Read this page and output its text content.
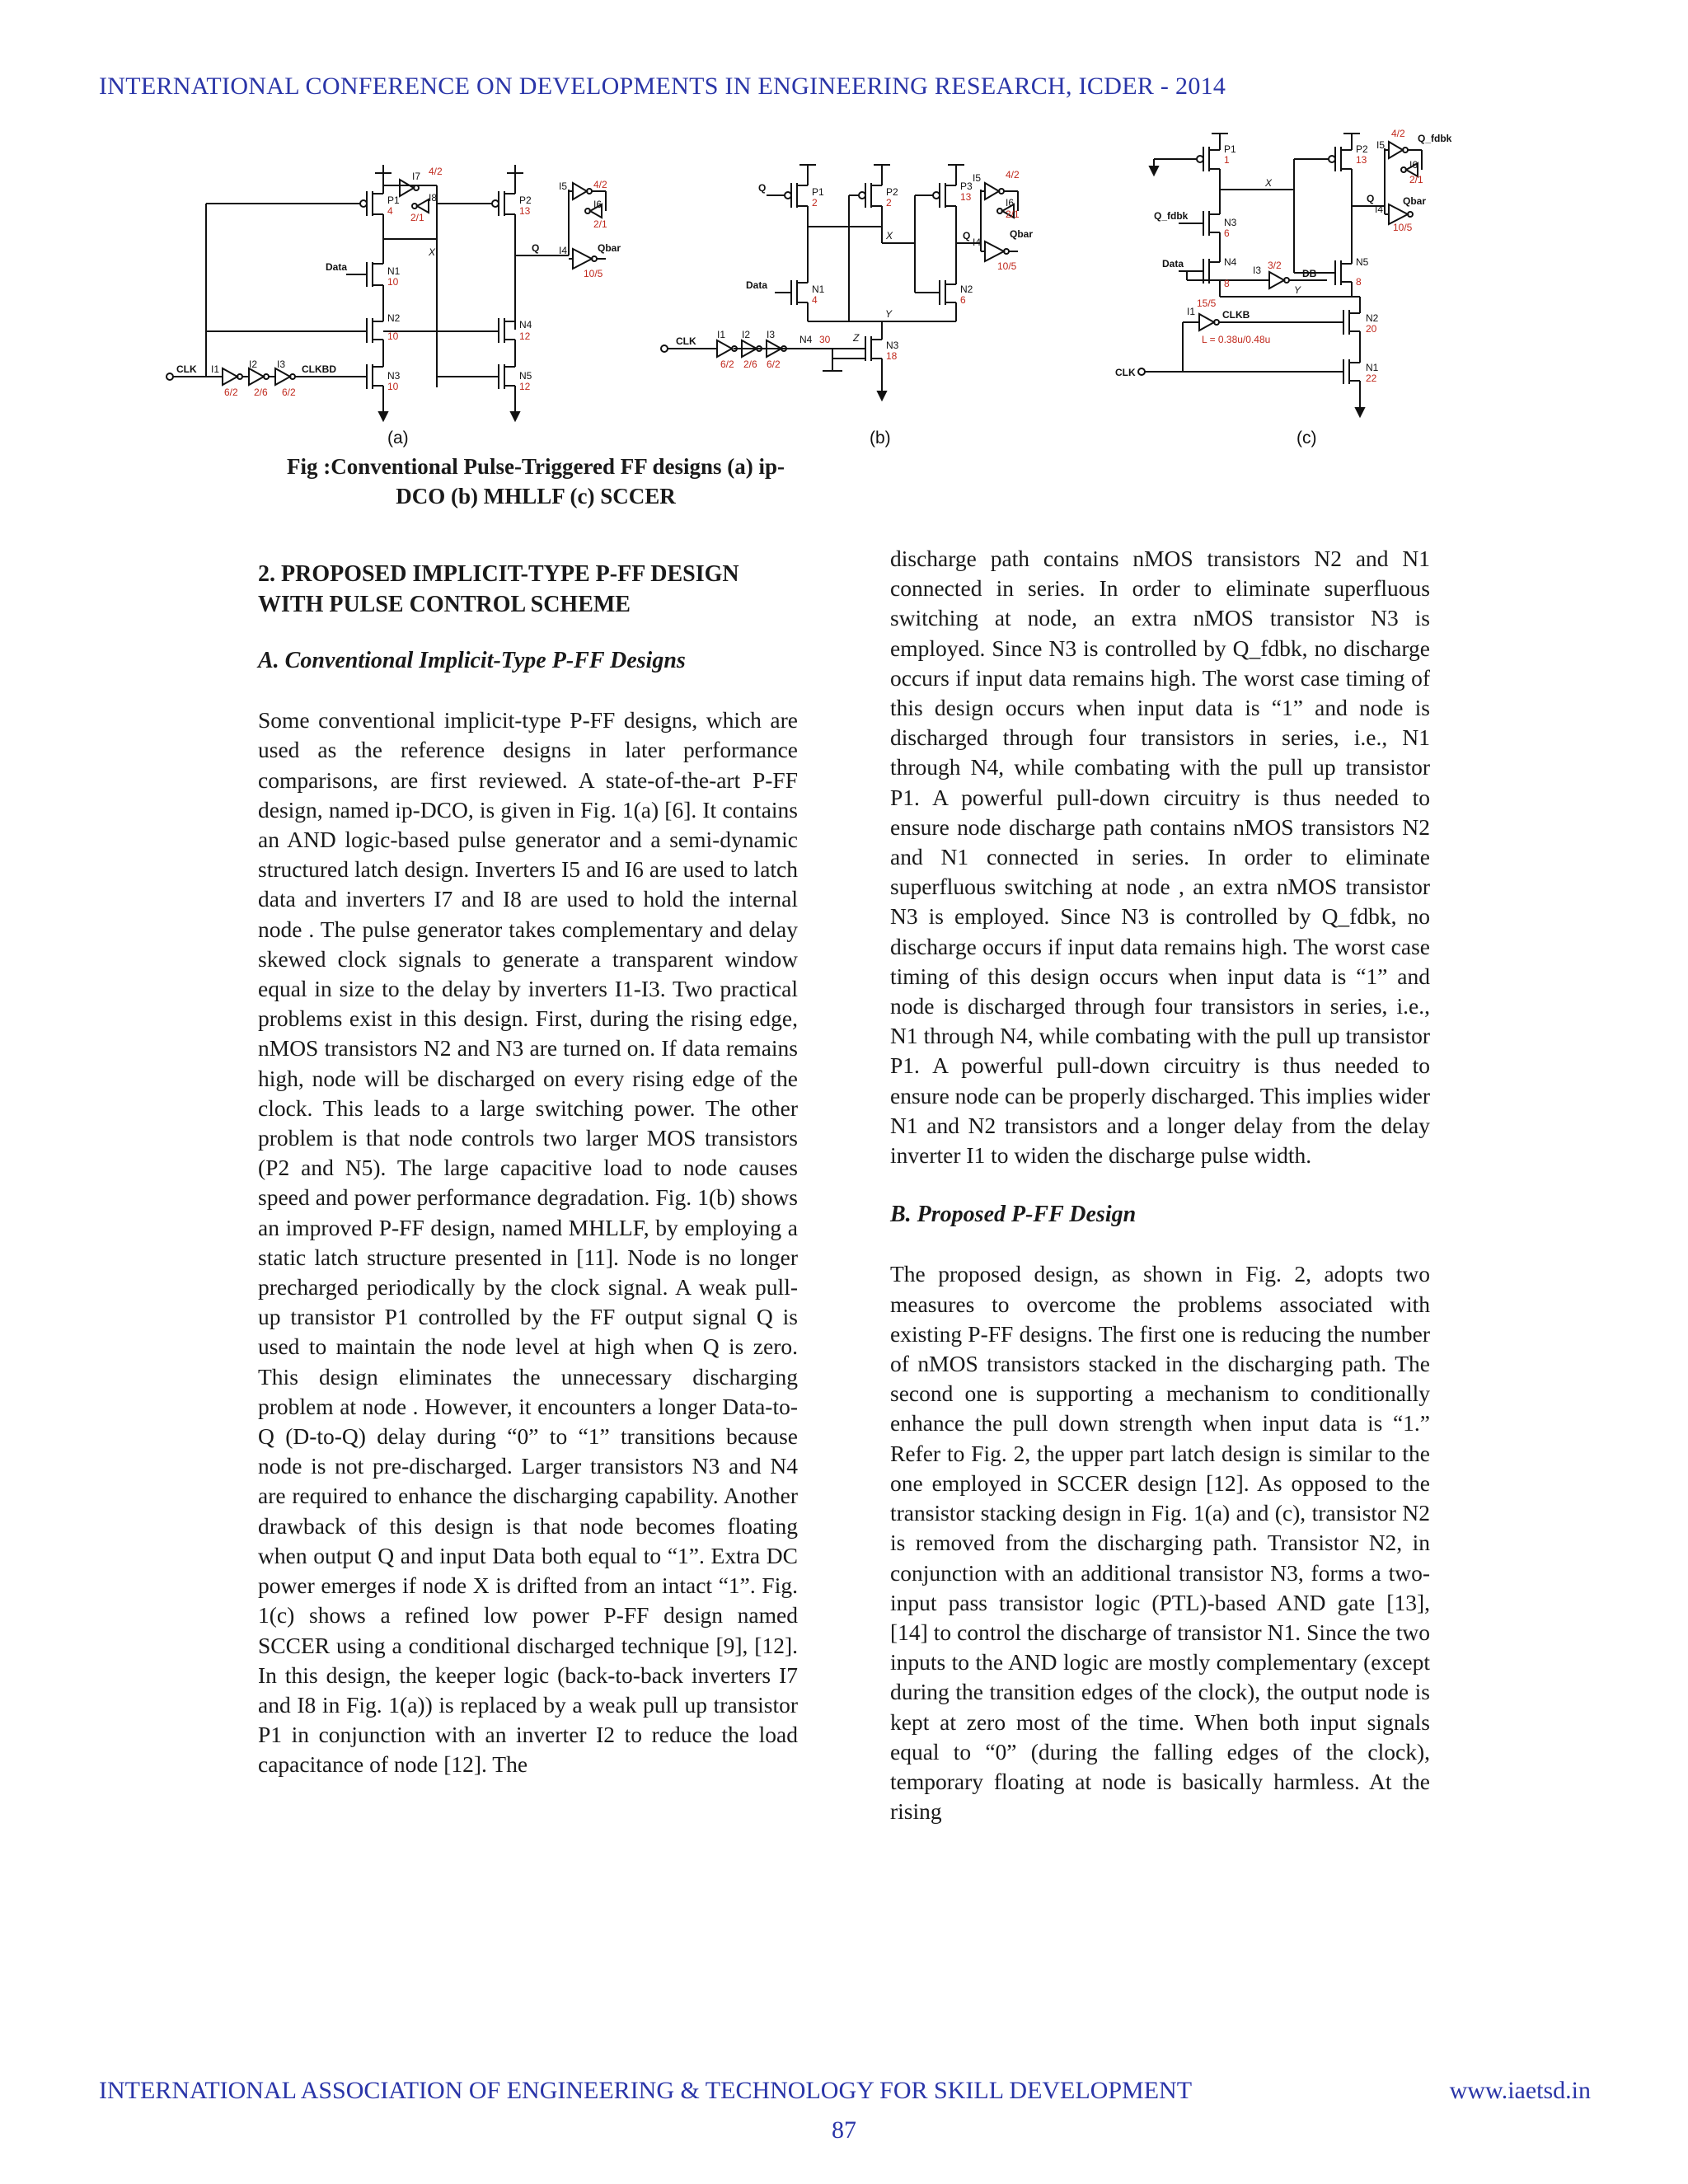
INTERNATIONAL CONFERENCE ON DEVELOPMENTS IN ENGINEERING RESEARCH, ICDER - 2014
P1
4
P2
13
N1
10
N2
10
N3
10
N4
12
N5
12
I7 4/2
I8
2/1
I5	4/2
I6
2/1
I4
10/5
Data
CLK	CLKBD
I1	I2 I3
6/2 2/6 6/2
Q	Qbar
X
P1
2
P2
2
P3
13
N1
4
N2
6
N3
18
N4 30
I5 4/2
I6
2/1
I4
10/5
Q
Data
CLK
I1 I2 I3
6/2 2/6 6/2
Q	Qbar
X
Y
Z
P1
1
P2
13
N3
6
N4
8
N5
8
N2
20
N1
22
I5
4/2
I6
2/1
I4
10/5
I3 3/2
I1
15/5
L = 0.38u/0.48u
Q_fdbk
Q_fdbk
Data
DB
CLKB
CLK
Q	Qbar
X
Y
(a)	(b)	(c)
Fig :Conventional Pulse-Triggered FF designs (a) ip-
DCO (b) MHLLF (c) SCCER
2. PROPOSED IMPLICIT-TYPE P-FF DESIGN WITH PULSE CONTROL SCHEME
A. Conventional Implicit-Type P-FF Designs

Some conventional implicit-type P-FF designs, which are used as the reference designs in later performance comparisons, are first reviewed. A state-of-the-art P-FF design, named ip-DCO, is given in Fig. 1(a) [6]. It contains an AND logic-based pulse generator and a semi-dynamic structured latch design. Inverters I5 and I6 are used to latch data and inverters I7 and I8 are used to hold the internal node . The pulse generator takes complementary and delay skewed clock signals to generate a transparent window equal in size to the delay by inverters I1-I3. Two practical problems exist in this design. First, during the rising edge, nMOS transistors N2 and N3 are turned on. If data remains high, node will be discharged on every rising edge of the clock. This leads to a large switching power. The other problem is that node controls two larger MOS transistors (P2 and N5). The large capacitive load to node causes speed and power performance degradation. Fig. 1(b) shows an improved P-FF design, named MHLLF, by employing a static latch structure presented in [11]. Node is no longer precharged periodically by the clock signal. A weak pull-up transistor P1 controlled by the FF output signal Q is used to maintain the node level at high when Q is zero. This design eliminates the unnecessary discharging problem at node . However, it encounters a longer Data-to-Q (D-to-Q) delay during “0” to “1” transitions because node is not pre-discharged. Larger transistors N3 and N4 are required to enhance the discharging capability. Another drawback of this design is that node becomes floating when output Q and input Data both equal to “1”. Extra DC power emerges if node X is drifted from an intact “1”. Fig. 1(c) shows a refined low power P-FF design named SCCER using a conditional discharged technique [9], [12]. In this design, the keeper logic (back-to-back inverters I7 and I8 in Fig. 1(a)) is replaced by a weak pull up transistor P1 in conjunction with an inverter I2 to reduce the load capacitance of node [12]. The

discharge path contains nMOS transistors N2 and N1 connected in series. In order to eliminate superfluous switching at node, an extra nMOS transistor N3 is employed. Since N3 is controlled by Q_fdbk, no discharge occurs if input data remains high. The worst case timing of this design occurs when input data is “1” and node is discharged through four transistors in series, i.e., N1 through N4, while combating with the pull up transistor P1. A powerful pull-down circuitry is thus needed to ensure node discharge path contains nMOS transistors N2 and N1 connected in series. In order to eliminate superfluous switching at node , an extra nMOS transistor N3 is employed. Since N3 is controlled by Q_fdbk, no discharge occurs if input data remains high. The worst case timing of this design occurs when input data is “1” and node is discharged through four transistors in series, i.e., N1 through N4, while combating with the pull up transistor P1. A powerful pull-down circuitry is thus needed to ensure node can be properly discharged. This implies wider N1 and N2 transistors and a longer delay from the delay inverter I1 to widen the discharge pulse width.

B. Proposed P-FF Design

The proposed design, as shown in Fig. 2, adopts two measures to overcome the problems associated with existing P-FF designs. The first one is reducing the number of nMOS transistors stacked in the discharging path. The second one is supporting a mechanism to conditionally enhance the pull down strength when input data is “1.” Refer to Fig. 2, the upper part latch design is similar to the one employed in SCCER design [12]. As opposed to the transistor stacking design in Fig. 1(a) and (c), transistor N2 is removed from the discharging path. Transistor N2, in conjunction with an additional transistor N3, forms a two-input pass transistor logic (PTL)-based AND gate [13], [14] to control the discharge of transistor N1. Since the two inputs to the AND logic are mostly complementary (except during the transition edges of the clock), the output node is kept at zero most of the time. When both input signals equal to “0” (during the falling edges of the clock), temporary floating at node is basically harmless. At the rising

INTERNATIONAL ASSOCIATION OF ENGINEERING & TECHNOLOGY FOR SKILL DEVELOPMENT	www.iaetsd.in
87
